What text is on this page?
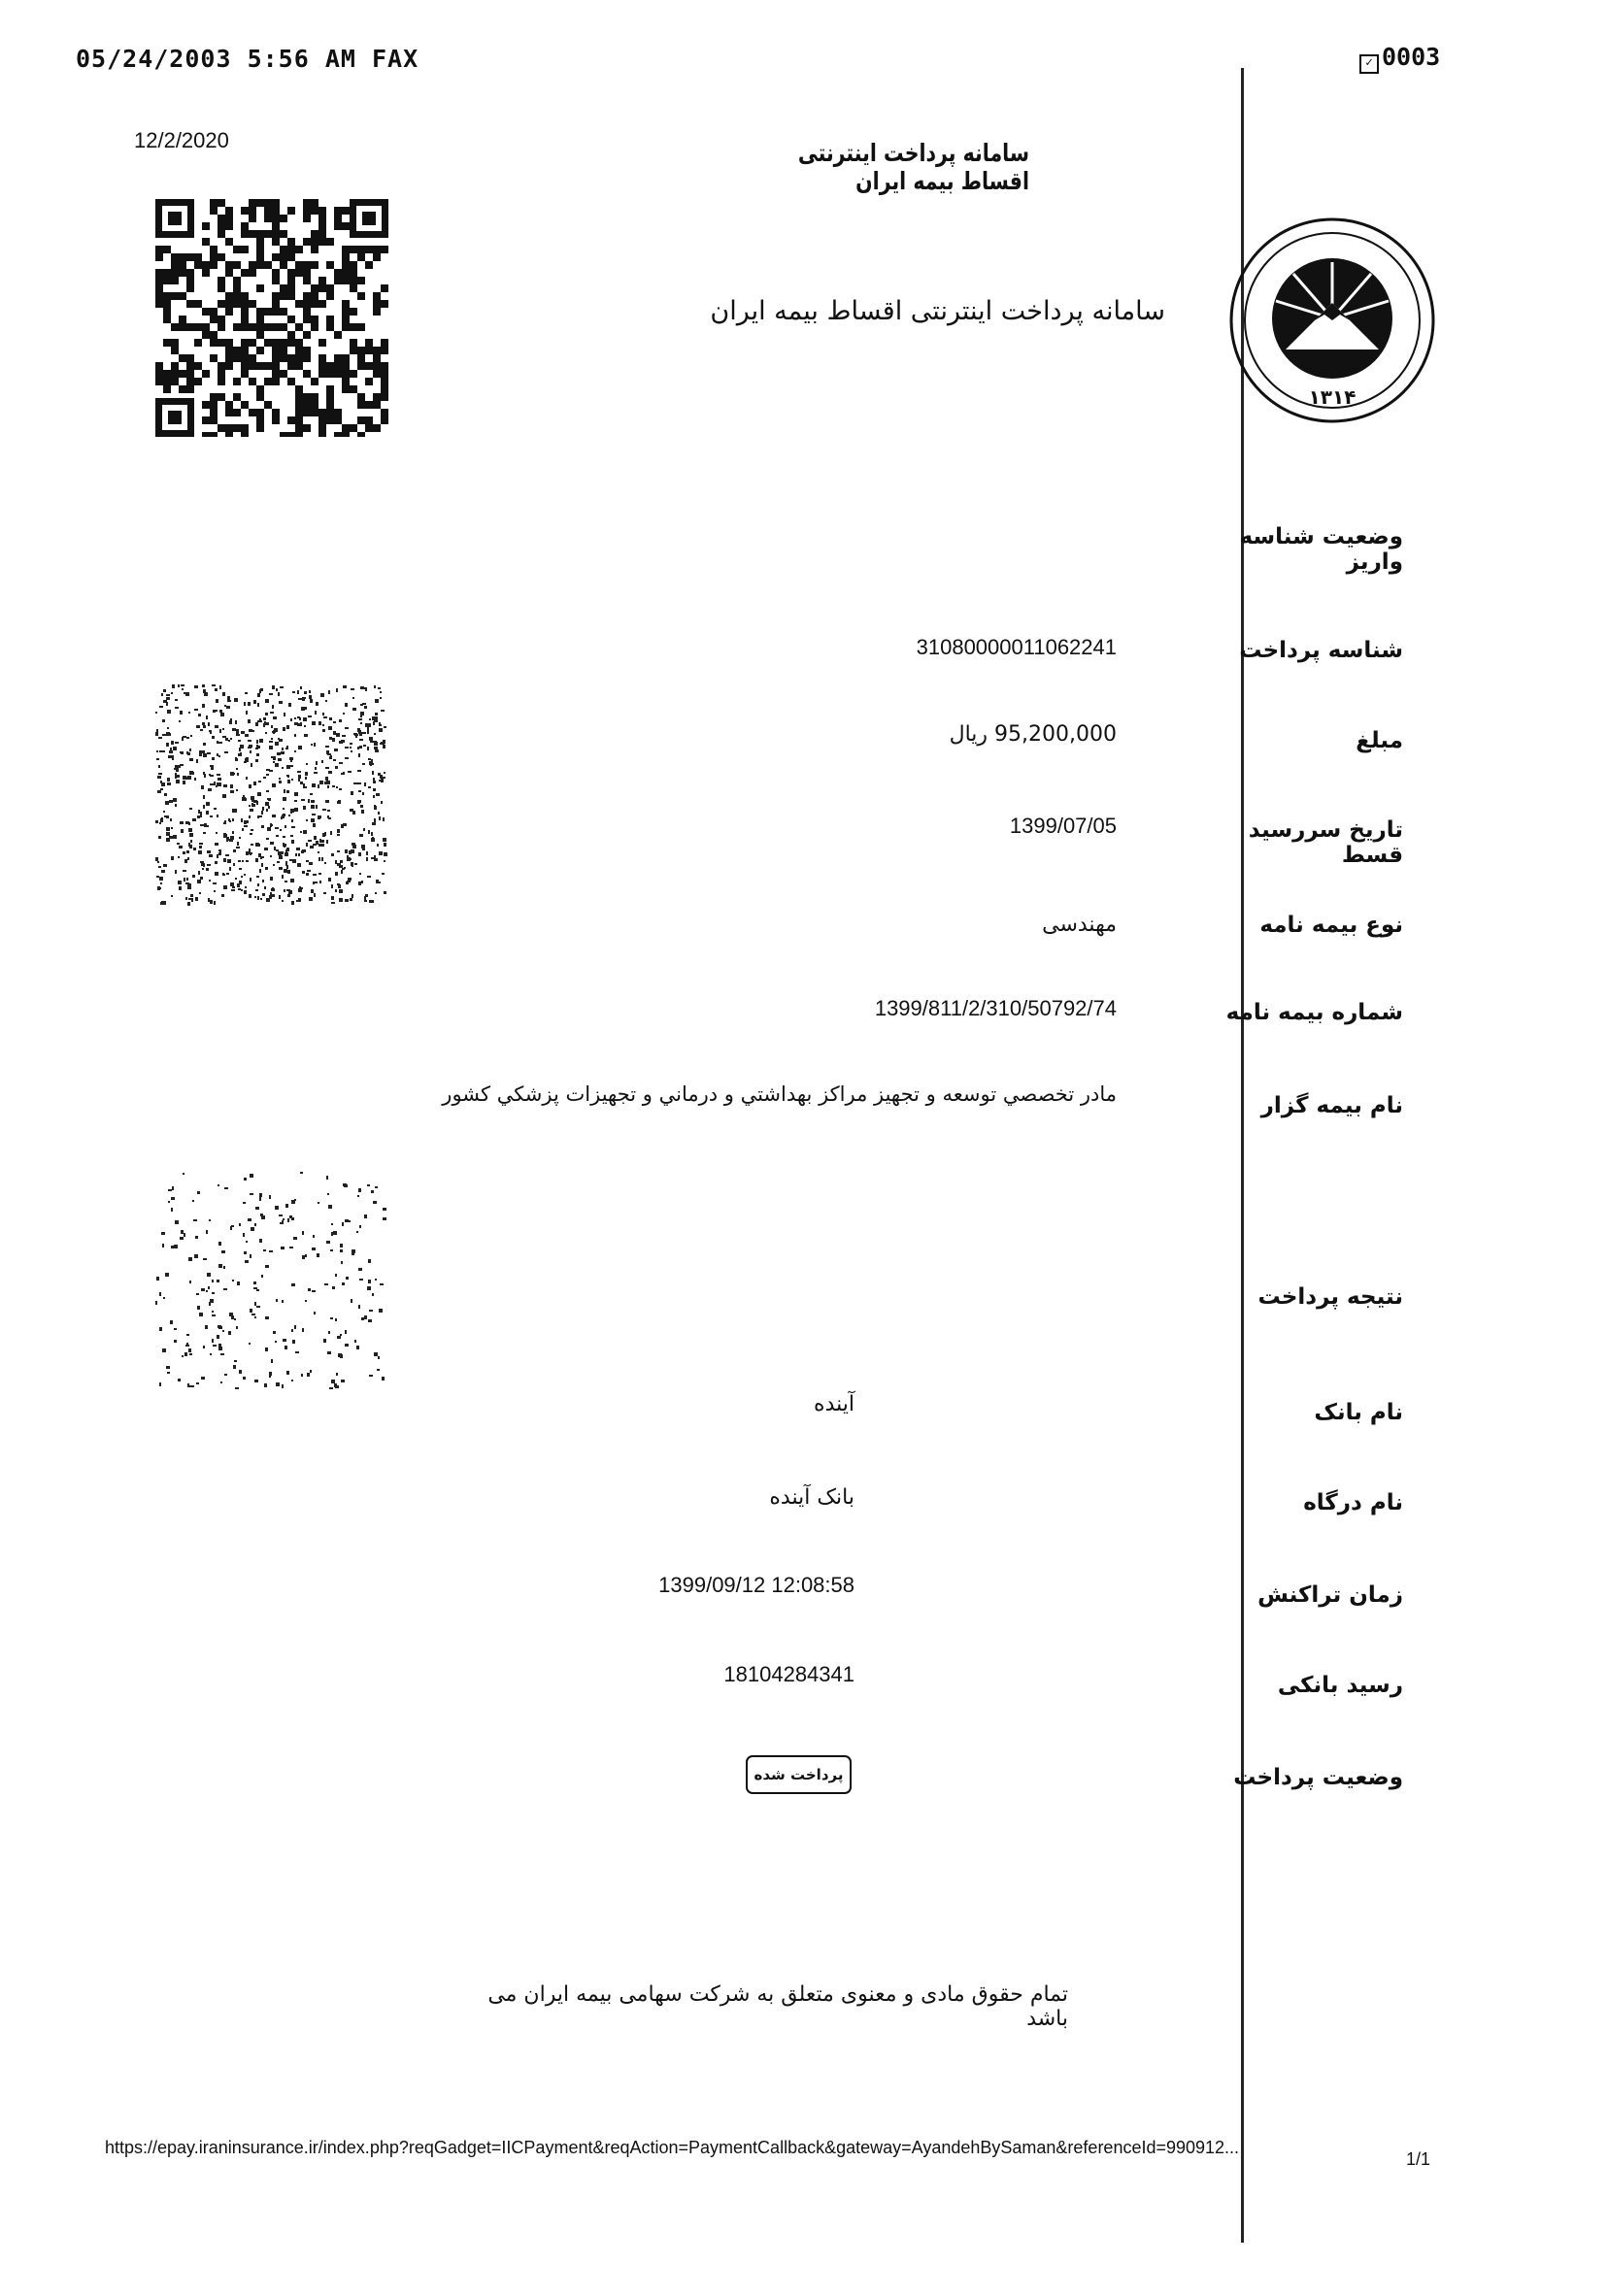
05/24/2003 5:56 AM FAX	✓ 0003
12/2/2020	سامانه پرداخت اینترنتی اقساط بیمه ایران
سامانه پرداخت اینترنتی اقساط بیمه ایران
۱۳۱۴
وضعیت شناسه واریز
شناسه پرداخت
مبلغ
تاریخ سررسید قسط
نوع بیمه نامه
شماره بیمه نامه
نام بیمه گزار
نتیجه پرداخت
نام بانک
نام درگاه
زمان تراکنش
رسید بانکی
وضعیت پرداخت
31080000011062241
95,200,000 ریال
1399/07/05
مهندسی
1399/811/2/310/50792/74
مادر تخصصي توسعه و تجهيز مراكز بهداشتي و درماني و تجهيزات پزشكي كشور
آینده
بانک آینده
1399/09/12 12:08:58
18104284341
پرداخت شده
تمام حقوق مادی و معنوی متعلق به شرکت سهامی بیمه ایران می باشد
https://epay.iraninsurance.ir/index.php?reqGadget=IICPayment&reqAction=PaymentCallback&gateway=AyandehBySaman&referenceId=990912...
1/1
